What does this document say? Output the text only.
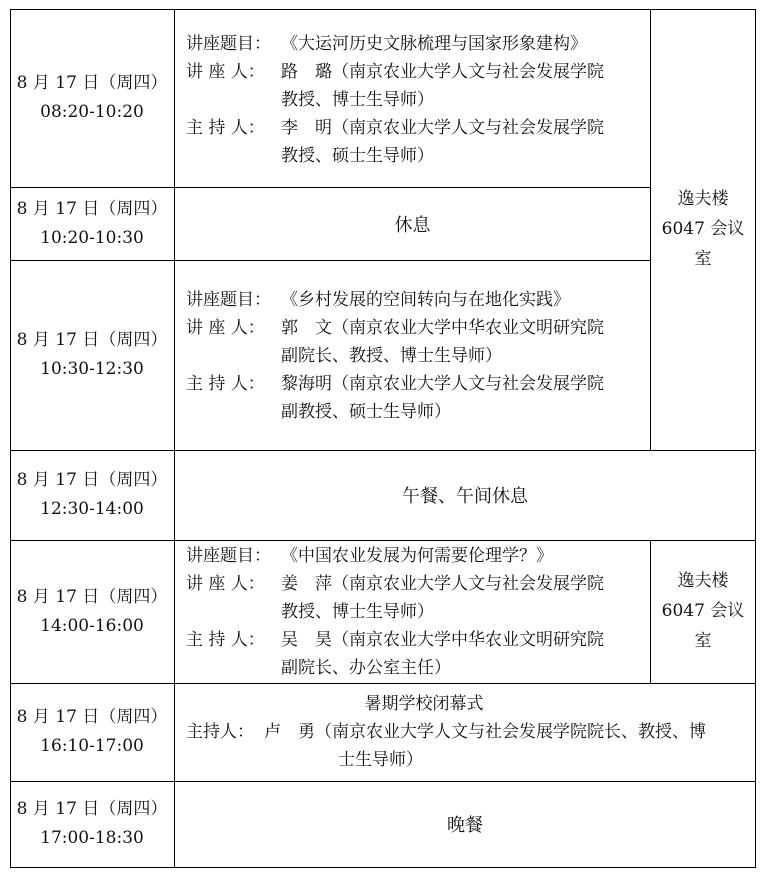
8 月 17 日（周四）
08:20-10:20
讲座题目： 《大运河历史文脉梳理与国家形象建构》
讲 座 人： 路　璐（南京农业大学人文与社会发展学院
教授、博士生导师）
主 持 人： 李　明（南京农业大学人文与社会发展学院
教授、硕士生导师）
8 月 17 日（周四）
10:20-10:30
休息
8 月 17 日（周四）
10:30-12:30
讲座题目： 《乡村发展的空间转向与在地化实践》
讲 座 人： 郭　文（南京农业大学中华农业文明研究院
副院长、教授、博士生导师）
主 持 人： 黎海明（南京农业大学人文与社会发展学院
副教授、硕士生导师）
逸夫楼
6047 会议
室
8 月 17 日（周四）
12:30-14:00
午餐、午间休息
8 月 17 日（周四）
14:00-16:00
讲座题目： 《中国农业发展为何需要伦理学？》
讲 座 人： 姜　萍（南京农业大学人文与社会发展学院
教授、博士生导师）
主 持 人： 吴　昊（南京农业大学中华农业文明研究院
副院长、办公室主任）
逸夫楼
6047 会议
室
8 月 17 日（周四）
16:10-17:00
暑期学校闭幕式
主持人： 卢　勇（南京农业大学人文与社会发展学院院长、教授、博
士生导师）
8 月 17 日（周四）
17:00-18:30
晚餐
